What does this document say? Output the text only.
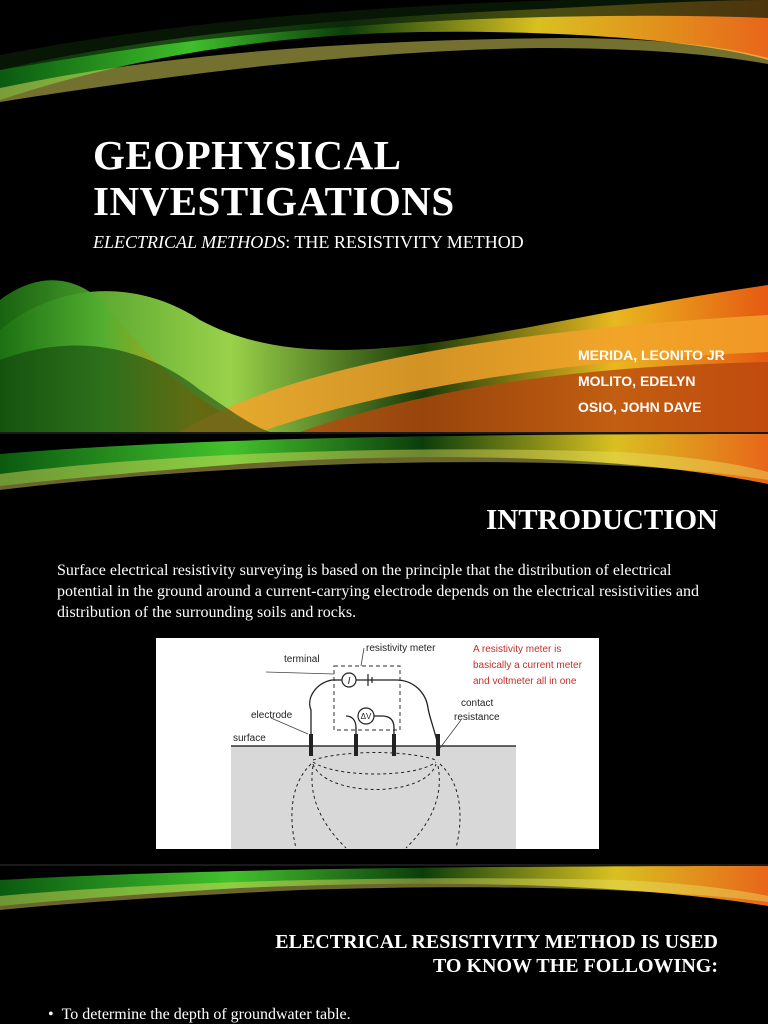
GEOPHYSICAL
INVESTIGATIONS
ELECTRICAL METHODS: THE RESISTIVITY METHOD
MERIDA, LEONITO JR
MOLITO, EDELYN
OSIO, JOHN DAVE
INTRODUCTION
Surface electrical resistivity surveying is based on the principle that the distribution of electrical potential in the ground around a current-carrying electrode depends on the electrical resistivities and distribution of the surrounding soils and rocks.
I
ΔV
resistivity meter
terminal
electrode
surface
contact
resistance
A resistivity meter is
basically a current meter
and voltmeter all in one
ELECTRICAL RESISTIVITY METHOD IS USED
TO KNOW THE FOLLOWING:
• To determine the depth of groundwater table.
